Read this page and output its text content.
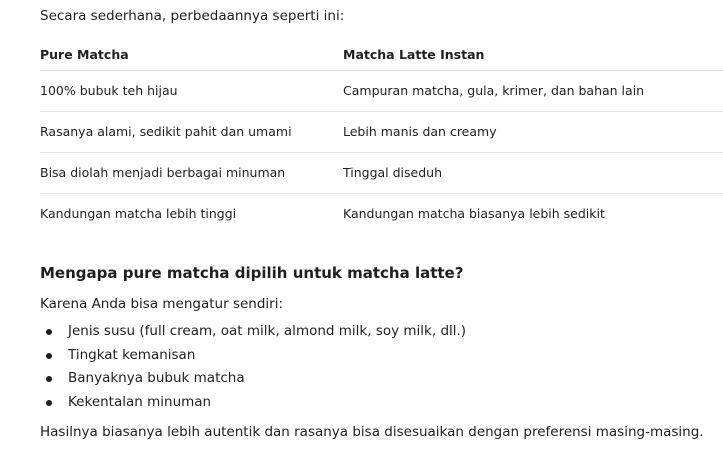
Secara sederhana, perbedaannya seperti ini:
Pure Matcha	Matcha Latte Instan
100% bubuk teh hijau	Campuran matcha, gula, krimer, dan bahan lain
Rasanya alami, sedikit pahit dan umami	Lebih manis dan creamy
Bisa diolah menjadi berbagai minuman	Tinggal diseduh
Kandungan matcha lebih tinggi	Kandungan matcha biasanya lebih sedikit
Mengapa pure matcha dipilih untuk matcha latte?
Karena Anda bisa mengatur sendiri:
Jenis susu (full cream, oat milk, almond milk, soy milk, dll.)
Tingkat kemanisan
Banyaknya bubuk matcha
Kekentalan minuman
Hasilnya biasanya lebih autentik dan rasanya bisa disesuaikan dengan preferensi masing-masing.
